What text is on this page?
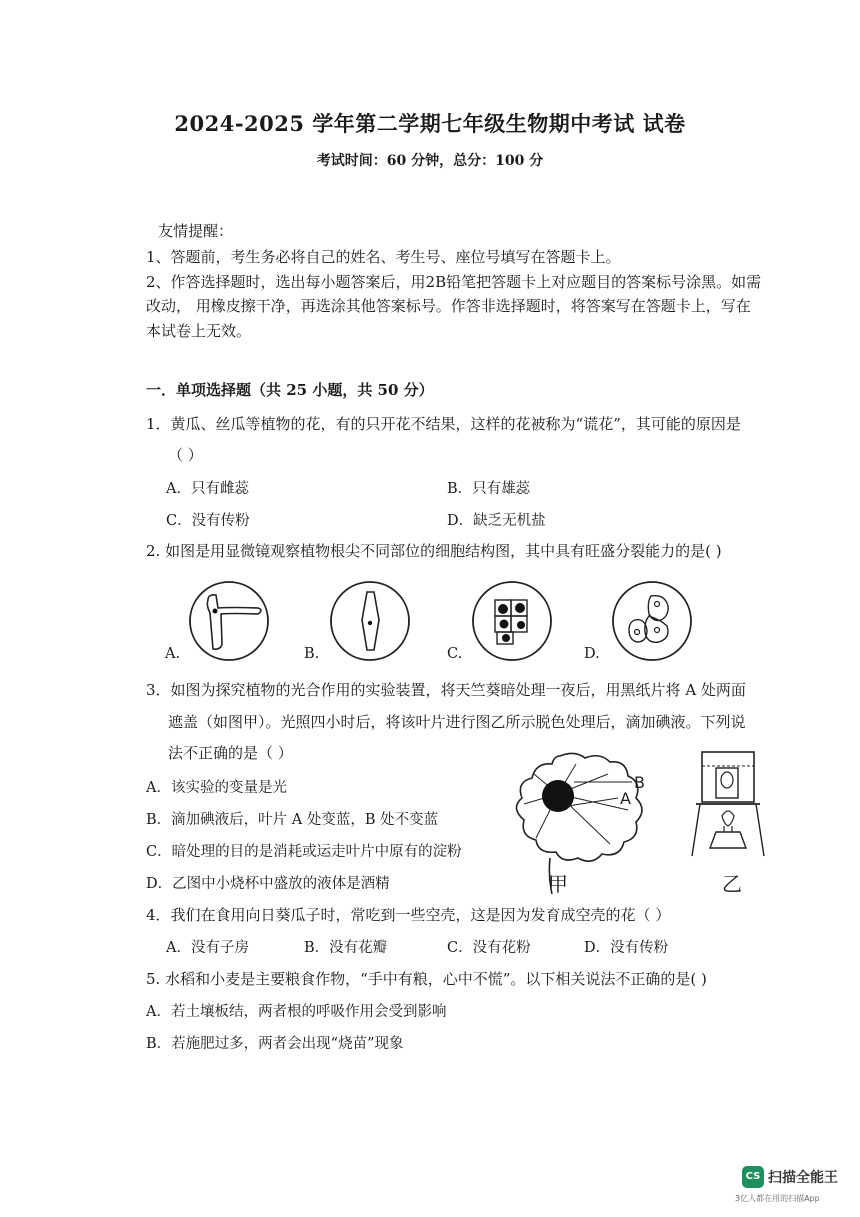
2024-2025 学年第二学期七年级生物期中考试 试卷
考试时间：60 分钟，总分：100 分
友情提醒：
1、答题前，考生务必将自己的姓名、考生号、座位号填写在答题卡上。
2、作答选择题时，选出每小题答案后，用2B铅笔把答题卡上对应题目的答案标号涂黑。如需
改动， 用橡皮擦干净，再选涂其他答案标号。作答非选择题时，将答案写在答题卡上，写在
本试卷上无效。
一．单项选择题（共 25 小题，共 50 分）
1．黄瓜、丝瓜等植物的花，有的只开花不结果，这样的花被称为“谎花”，其可能的原因是
（ ）
A．只有雌蕊	B．只有雄蕊
C．没有传粉	D．缺乏无机盐
2. 如图是用显微镜观察植物根尖不同部位的细胞结构图，其中具有旺盛分裂能力的是( )
A.	B.	C.	D.
3．如图为探究植物的光合作用的实验装置，将天竺葵暗处理一夜后，用黑纸片将 A 处两面
遮盖（如图甲）。光照四小时后，将该叶片进行图乙所示脱色处理后，滴加碘液。下列说
法不正确的是（ ）
A．该实验的变量是光
B．滴加碘液后，叶片 A 处变蓝，B 处不变蓝
C．暗处理的目的是消耗或运走叶片中原有的淀粉
D．乙图中小烧杯中盛放的液体是酒精
B
A
甲	乙
4．我们在食用向日葵瓜子时，常吃到一些空壳，这是因为发育成空壳的花（ ）
A．没有子房	B．没有花瓣	C．没有花粉	D．没有传粉
5. 水稻和小麦是主要粮食作物，“手中有粮，心中不慌”。以下相关说法不正确的是( )
A．若土壤板结，两者根的呼吸作用会受到影响
B．若施肥过多，两者会出现“烧苗”现象
CS 扫描全能王
3亿人都在用的扫描App
